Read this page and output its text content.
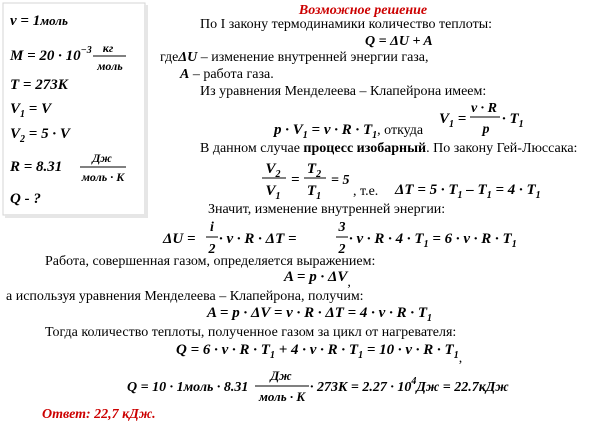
ν = 1моль
$M = 20 \cdot 10^{-3}$ кг
моль
T = 273K
$V_1 = V$
$V_2 = 5 \cdot V$
R = 8.31
Дж
моль · K
Q - ?
Возможное решение
По I закону термодинамики количество теплоты:
Q = ΔU + A
гдеΔU – изменение внутренней энергии газа,
A – работа газа.
Из уравнения Менделеева – Клапейрона имеем:
$V_1$ =
ν · R
p
· $T_1$
$p \cdot V_1 = \nu \cdot R \cdot T_1$, откуда
В данном случае процесс изобарный. По закону Гей-Люссака:
$V_2$
$V_1$
=
$T_2$
$T_1$
= 5
, т.е. $\Delta T = 5 \cdot T_1 - T_1 = 4 \cdot T_1$
Значит, изменение внутренней энергии:
ΔU =
i
2
· ν · R · ΔT =
3
2
· $\nu \cdot R \cdot 4 \cdot T_1 = 6 \cdot \nu \cdot R \cdot T_1$
Работа, совершенная газом, определяется выражением:
A = p · ΔV,
а используя уравнения Менделеева – Клапейрона, получим:
$A = p \cdot \Delta V = \nu \cdot R \cdot \Delta T = 4 \cdot \nu \cdot R \cdot T_1$
Тогда количество теплоты, полученное газом за цикл от нагревателя:
$Q = 6 \cdot \nu \cdot R \cdot T_1 + 4 \cdot \nu \cdot R \cdot T_1 = 10 \cdot \nu \cdot R \cdot T_1$,
Q = 10 · 1моль · 8.31
Дж
моль · K
· $273K = 2.27 \cdot 10^4Дж = 22.7кДж$
Ответ: 22,7 кДж.
